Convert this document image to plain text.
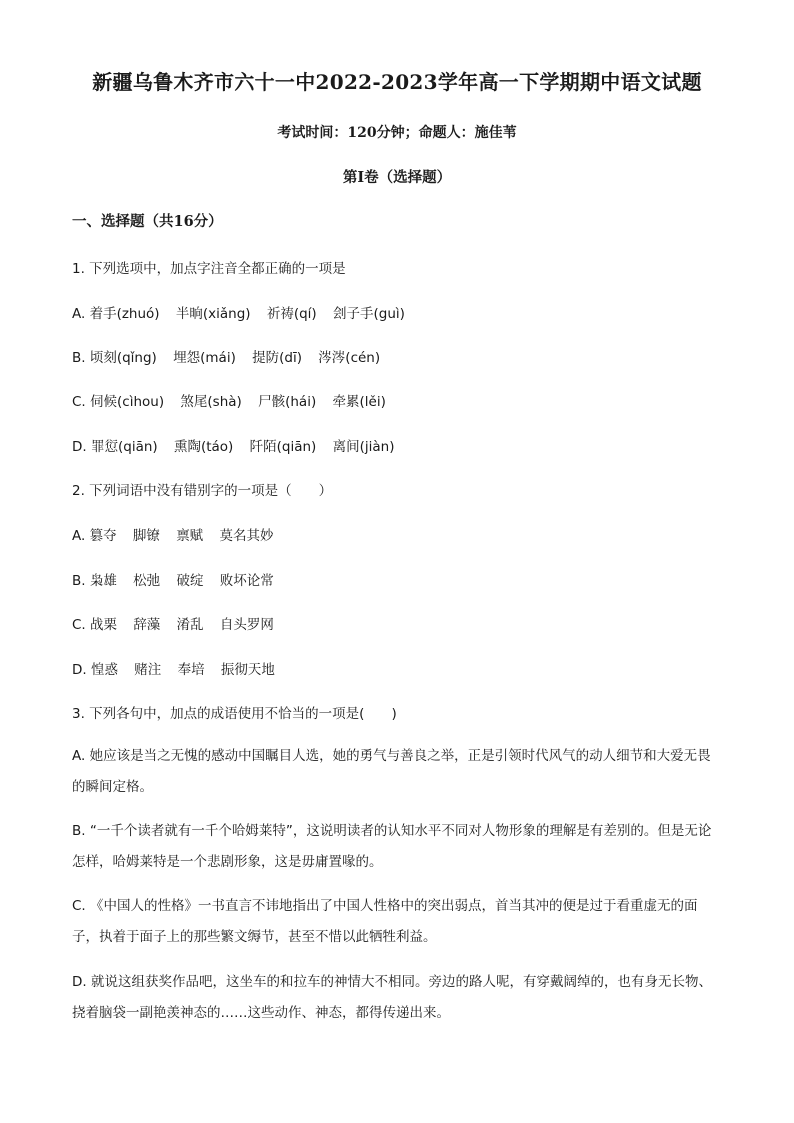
新疆乌鲁木齐市六十一中2022-2023学年高一下学期期中语文试题
考试时间：120分钟；命题人：施佳苇
第Ⅰ卷（选择题）
一、选择题（共16分）
1. 下列选项中，加点字注音全都正确的一项是
A. 着手(zhuó) 半晌(xiǎng) 祈祷(qí) 刽子手(guì)
B. 顷刻(qǐng) 埋怨(mái) 提防(dī) 涔涔(cén)
C. 伺候(cìhou) 煞尾(shà) 尸骸(hái) 牵累(lěi)
D. 罪愆(qiān) 熏陶(táo) 阡陌(qiān) 离间(jiàn)
2. 下列词语中没有错别字的一项是（　　）
A. 篡夺 脚镣 禀赋 莫名其妙
B. 枭雄 松弛 破绽 败坏论常
C. 战栗 辞藻 淆乱 自头罗网
D. 惶惑 赌注 奉培 振彻天地
3. 下列各句中，加点的成语使用不恰当的一项是(　　)
A. 她应该是当之无愧的感动中国瞩目人选，她的勇气与善良之举，正是引领时代风气的动人细节和大爱无畏的瞬间定格。
B. “一千个读者就有一千个哈姆莱特”，这说明读者的认知水平不同对人物形象的理解是有差别的。但是无论怎样，哈姆莱特是一个悲剧形象，这是毋庸置喙的。
C. 《中国人的性格》一书直言不讳地指出了中国人性格中的突出弱点，首当其冲的便是过于看重虚无的面子，执着于面子上的那些繁文缛节，甚至不惜以此牺牲利益。
D. 就说这组获奖作品吧，这坐车的和拉车的神情大不相同。旁边的路人呢，有穿戴阔绰的，也有身无长物、挠着脑袋一副艳羡神态的……这些动作、神态，都得传递出来。
